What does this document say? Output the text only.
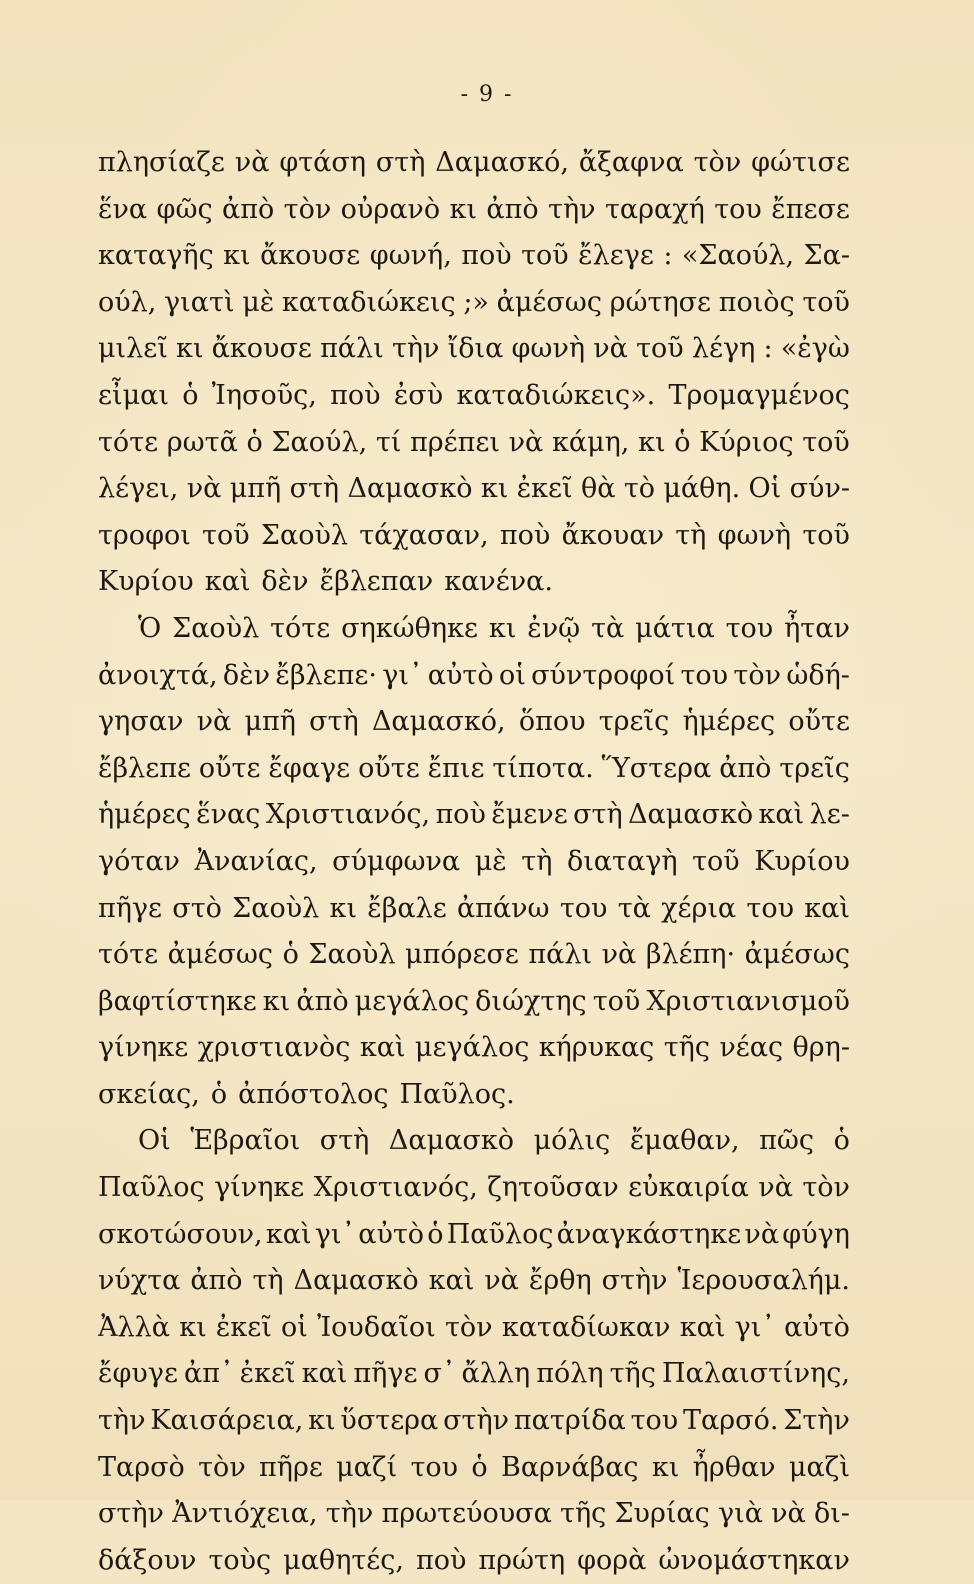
- 9 -
πλησίαζε νὰ φτάση στὴ Δαμασκό, ἄξαφνα τὸν φώτισε
ἕνα φῶς ἀπὸ τὸν οὐρανὸ κι ἀπὸ τὴν ταραχή του ἔπεσε
καταγῆς κι ἄκουσε φωνή, ποὺ τοῦ ἔλεγε : «Σαούλ, Σα-
ούλ, γιατὶ μὲ καταδιώκεις ;» ἀμέσως ρώτησε ποιὸς τοῦ
μιλεῖ κι ἄκουσε πάλι τὴν ἴδια φωνὴ νὰ τοῦ λέγη : «ἐγὼ
εἶμαι ὁ Ἰησοῦς, ποὺ ἐσὺ καταδιώκεις». Τρομαγμένος
τότε ρωτᾶ ὁ Σαούλ, τί πρέπει νὰ κάμη, κι ὁ Κύριος τοῦ
λέγει, νὰ μπῆ στὴ Δαμασκὸ κι ἐκεῖ θὰ τὸ μάθη. Οἱ σύν-
τροφοι τοῦ Σαοὺλ τάχασαν, ποὺ ἄκουαν τὴ φωνὴ τοῦ
Κυρίου καὶ δὲν ἔβλεπαν κανένα.
Ὁ Σαοὺλ τότε σηκώθηκε κι ἐνῷ τὰ μάτια του ἦταν
ἀνοιχτά, δὲν ἔβλεπε· γι᾽ αὐτὸ οἱ σύντροφοί του τὸν ὡδή-
γησαν νὰ μπῆ στὴ Δαμασκό, ὅπου τρεῖς ἡμέρες οὔτε
ἔβλεπε οὔτε ἔφαγε οὔτε ἔπιε τίποτα. Ὕστερα ἀπὸ τρεῖς
ἡμέρες ἕνας Χριστιανός, ποὺ ἔμενε στὴ Δαμασκὸ καὶ λε-
γόταν Ἀνανίας, σύμφωνα μὲ τὴ διαταγὴ τοῦ Κυρίου
πῆγε στὸ Σαοὺλ κι ἔβαλε ἀπάνω του τὰ χέρια του καὶ
τότε ἀμέσως ὁ Σαοὺλ μπόρεσε πάλι νὰ βλέπη· ἀμέσως
βαφτίστηκε κι ἀπὸ μεγάλος διώχτης τοῦ Χριστιανισμοῦ
γίνηκε χριστιανὸς καὶ μεγάλος κήρυκας τῆς νέας θρη-
σκείας, ὁ ἀπόστολος Παῦλος.
Οἱ Ἑβραῖοι στὴ Δαμασκὸ μόλις ἔμαθαν, πῶς ὁ
Παῦλος γίνηκε Χριστιανός, ζητοῦσαν εὐκαιρία νὰ τὸν
σκοτώσουν, καὶ γι᾽ αὐτὸ ὁ Παῦλος ἀναγκάστηκε νὰ φύγη
νύχτα ἀπὸ τὴ Δαμασκὸ καὶ νὰ ἔρθη στὴν Ἱερουσαλήμ.
Ἀλλὰ κι ἐκεῖ οἱ Ἰουδαῖοι τὸν καταδίωκαν καὶ γι᾽ αὐτὸ
ἔφυγε ἀπ᾽ ἐκεῖ καὶ πῆγε σ᾽ ἄλλη πόλη τῆς Παλαιστίνης,
τὴν Καισάρεια, κι ὕστερα στὴν πατρίδα του Ταρσό. Στὴν
Ταρσὸ τὸν πῆρε μαζί του ὁ Βαρνάβας κι ἦρθαν μαζὶ
στὴν Ἀντιόχεια, τὴν πρωτεύουσα τῆς Συρίας γιὰ νὰ δι-
δάξουν τοὺς μαθητές, ποὺ πρώτη φορὰ ὠνομάστηκαν
